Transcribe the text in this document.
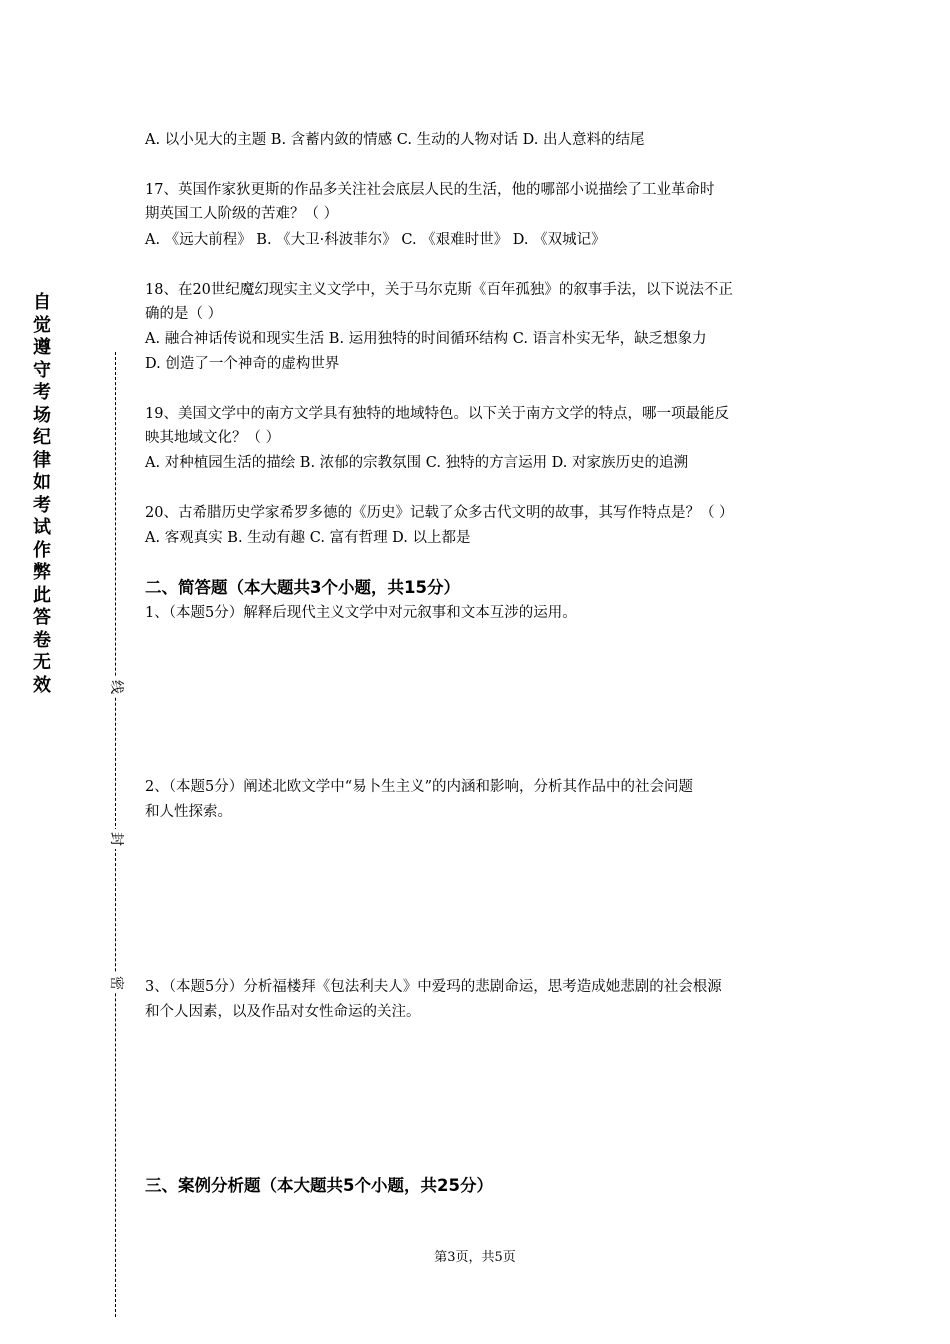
自
觉
遵
守
考
场
纪
律
如
考
试
作
弊
此
答
卷
无
效	线
封
密
A. 以小见大的主题 B. 含蓄内敛的情感 C. 生动的人物对话 D. 出人意料的结尾
17、英国作家狄更斯的作品多关注社会底层人民的生活，他的哪部小说描绘了工业革命时
期英国工人阶级的苦难？（ ）
A. 《远大前程》 B. 《大卫·科波菲尔》 C. 《艰难时世》 D. 《双城记》
18、在20世纪魔幻现实主义文学中，关于马尔克斯《百年孤独》的叙事手法，以下说法不正
确的是（ ）
A. 融合神话传说和现实生活 B. 运用独特的时间循环结构 C. 语言朴实无华，缺乏想象力
D. 创造了一个神奇的虚构世界
19、美国文学中的南方文学具有独特的地域特色。以下关于南方文学的特点，哪一项最能反
映其地域文化？（ ）
A. 对种植园生活的描绘 B. 浓郁的宗教氛围 C. 独特的方言运用 D. 对家族历史的追溯
20、古希腊历史学家希罗多德的《历史》记载了众多古代文明的故事，其写作特点是？（ ）
A. 客观真实 B. 生动有趣 C. 富有哲理 D. 以上都是
二、简答题（本大题共3个小题，共15分）
1、（本题5分）解释后现代主义文学中对元叙事和文本互涉的运用。
2、（本题5分）阐述北欧文学中“易卜生主义”的内涵和影响，分析其作品中的社会问题
和人性探索。
3、（本题5分）分析福楼拜《包法利夫人》中爱玛的悲剧命运，思考造成她悲剧的社会根源
和个人因素，以及作品对女性命运的关注。
三、案例分析题（本大题共5个小题，共25分）
第3页，共5页
